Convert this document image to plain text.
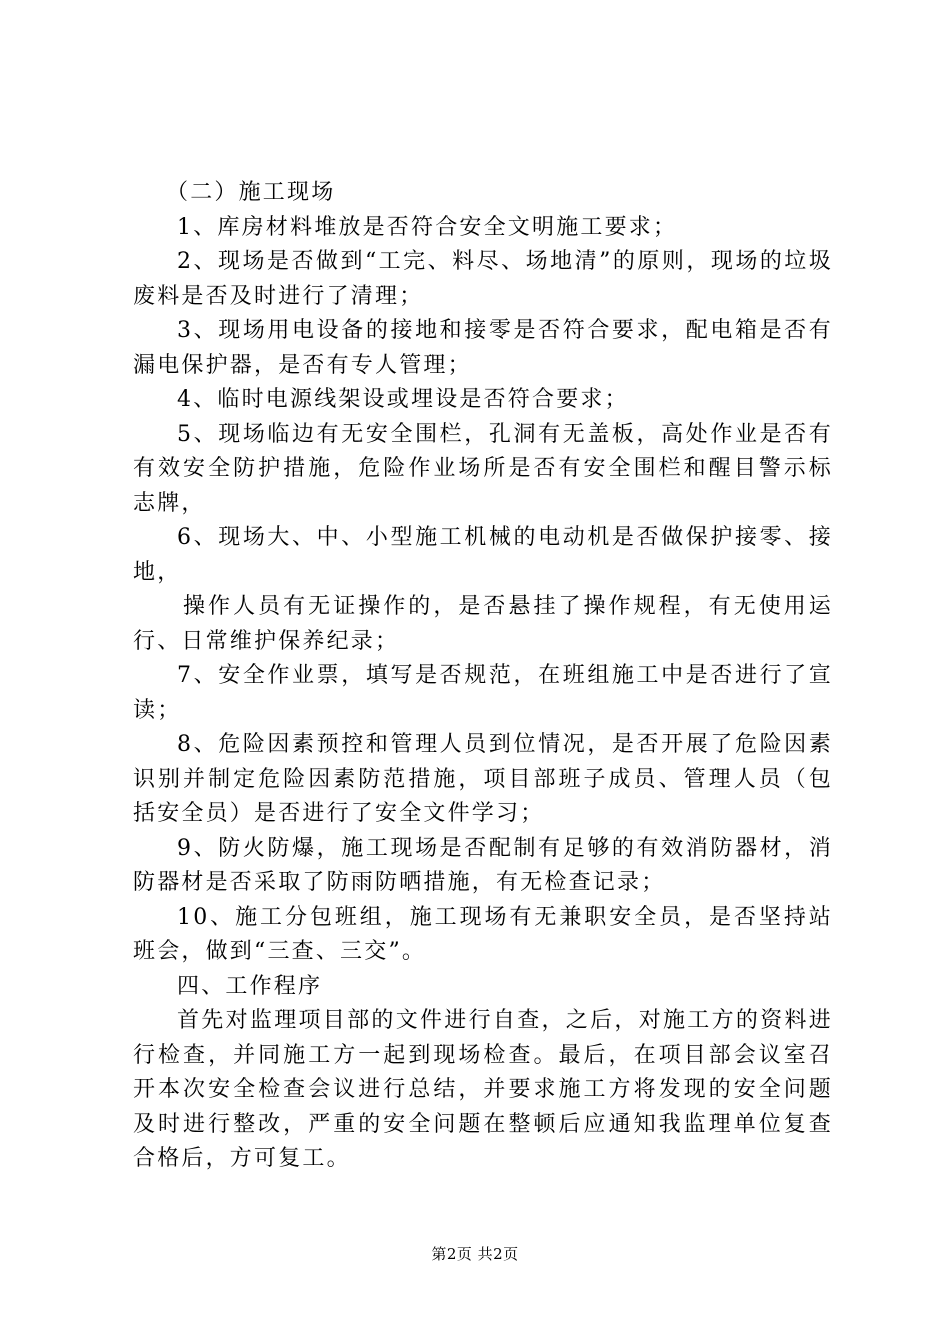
（二）施工现场

1、库房材料堆放是否符合安全文明施工要求；

2、现场是否做到“工完、料尽、场地清”的原则，现场的垃圾废料是否及时进行了清理；

3、现场用电设备的接地和接零是否符合要求，配电箱是否有漏电保护器，是否有专人管理；

4、临时电源线架设或埋设是否符合要求；

5、现场临边有无安全围栏，孔洞有无盖板，高处作业是否有有效安全防护措施，危险作业场所是否有安全围栏和醒目警示标志牌，

6、现场大、中、小型施工机械的电动机是否做保护接零、接地，

操作人员有无证操作的，是否悬挂了操作规程，有无使用运行、日常维护保养纪录；

7、安全作业票，填写是否规范，在班组施工中是否进行了宣读；

8、危险因素预控和管理人员到位情况，是否开展了危险因素识别并制定危险因素防范措施，项目部班子成员、管理人员（包括安全员）是否进行了安全文件学习；

9、防火防爆，施工现场是否配制有足够的有效消防器材，消防器材是否采取了防雨防晒措施，有无检查记录；

10、施工分包班组，施工现场有无兼职安全员，是否坚持站班会，做到“三查、三交”。

四、工作程序

首先对监理项目部的文件进行自查，之后，对施工方的资料进行检查，并同施工方一起到现场检查。最后，在项目部会议室召开本次安全检查会议进行总结，并要求施工方将发现的安全问题及时进行整改，严重的安全问题在整顿后应通知我监理单位复查合格后，方可复工。

第2页 共2页
